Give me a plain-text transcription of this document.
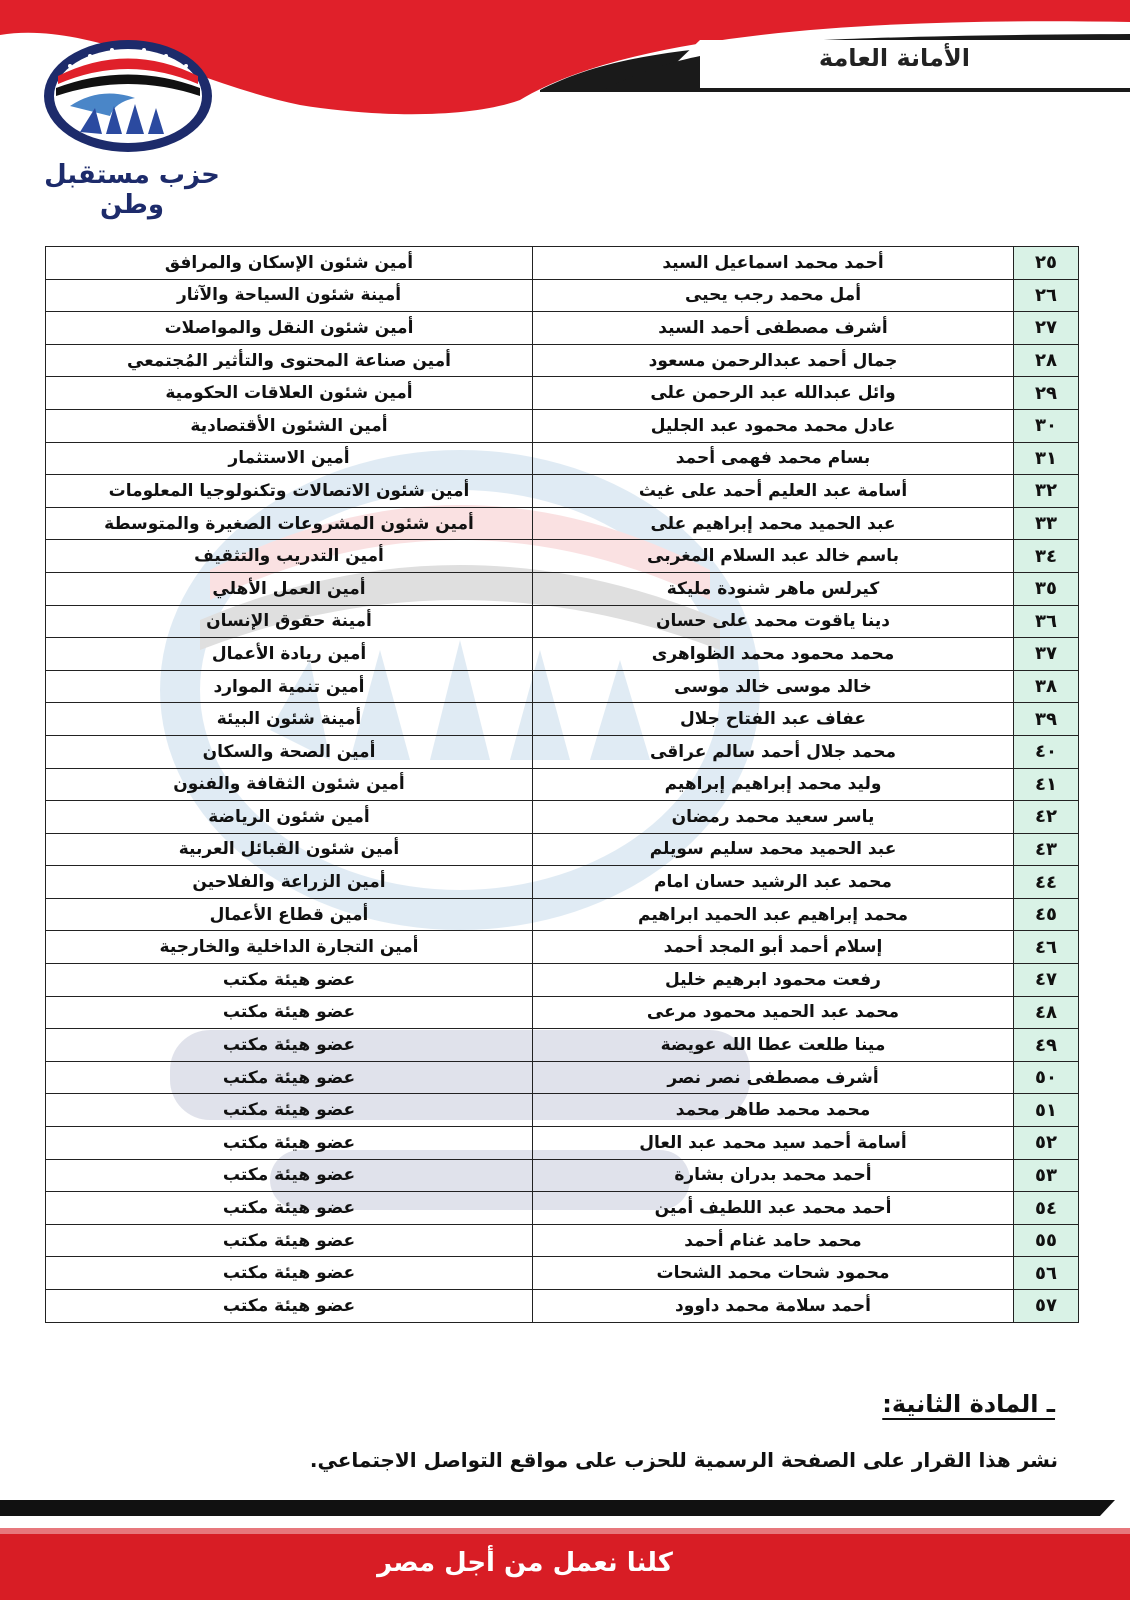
الأمانة العامة
حزب مستقبل وطن
٢٥	أحمد محمد اسماعيل السيد	أمين شئون الإسكان والمرافق
٢٦	أمل محمد رجب يحيى	أمينة شئون السياحة والآثار
٢٧	أشرف مصطفى أحمد السيد	أمين شئون النقل والمواصلات
٢٨	جمال أحمد عبدالرحمن مسعود	أمين صناعة المحتوى والتأثير المُجتمعي
٢٩	وائل عبدالله عبد الرحمن على	أمين شئون العلاقات الحكومية
٣٠	عادل محمد محمود عبد الجليل	أمين الشئون الأقتصادية
٣١	بسام محمد فهمى أحمد	أمين الاستثمار
٣٢	أسامة عبد العليم أحمد على غيث	أمين شئون الاتصالات وتكنولوجيا المعلومات
٣٣	عبد الحميد محمد إبراهيم على	أمين شئون المشروعات الصغيرة والمتوسطة
٣٤	باسم خالد عبد السلام المغربى	أمين التدريب والتثقيف
٣٥	كيرلس ماهر شنودة مليكة	أمين العمل الأهلي
٣٦	دينا ياقوت محمد على حسان	أمينة حقوق الإنسان
٣٧	محمد محمود محمد الظواهرى	أمين ريادة الأعمال
٣٨	خالد موسى خالد موسى	أمين تنمية الموارد
٣٩	عفاف عبد الفتاح جلال	أمينة شئون البيئة
٤٠	محمد جلال أحمد سالم عراقى	أمين الصحة والسكان
٤١	وليد محمد إبراهيم إبراهيم	أمين شئون الثقافة والفنون
٤٢	ياسر سعيد محمد رمضان	أمين شئون الرياضة
٤٣	عبد الحميد محمد سليم سويلم	أمين شئون القبائل العربية
٤٤	محمد عبد الرشيد حسان امام	أمين الزراعة والفلاحين
٤٥	محمد إبراهيم عبد الحميد ابراهيم	أمين قطاع الأعمال
٤٦	إسلام أحمد أبو المجد أحمد	أمين التجارة الداخلية والخارجية
٤٧	رفعت محمود ابرهيم خليل	عضو هيئة مكتب
٤٨	محمد عبد الحميد محمود مرعى	عضو هيئة مكتب
٤٩	مينا طلعت عطا الله عويضة	عضو هيئة مكتب
٥٠	أشرف مصطفى نصر نصر	عضو هيئة مكتب
٥١	محمد محمد طاهر محمد	عضو هيئة مكتب
٥٢	أسامة أحمد سيد محمد عبد العال	عضو هيئة مكتب
٥٣	أحمد محمد بدران بشارة	عضو هيئة مكتب
٥٤	أحمد محمد عبد اللطيف أمين	عضو هيئة مكتب
٥٥	محمد حامد غنام أحمد	عضو هيئة مكتب
٥٦	محمود شحات محمد الشحات	عضو هيئة مكتب
٥٧	أحمد سلامة محمد داوود	عضو هيئة مكتب
ـ المادة الثانية:
نشر هذا القرار على الصفحة الرسمية للحزب على مواقع التواصل الاجتماعي.
كلنا نعمل من أجل مصر
